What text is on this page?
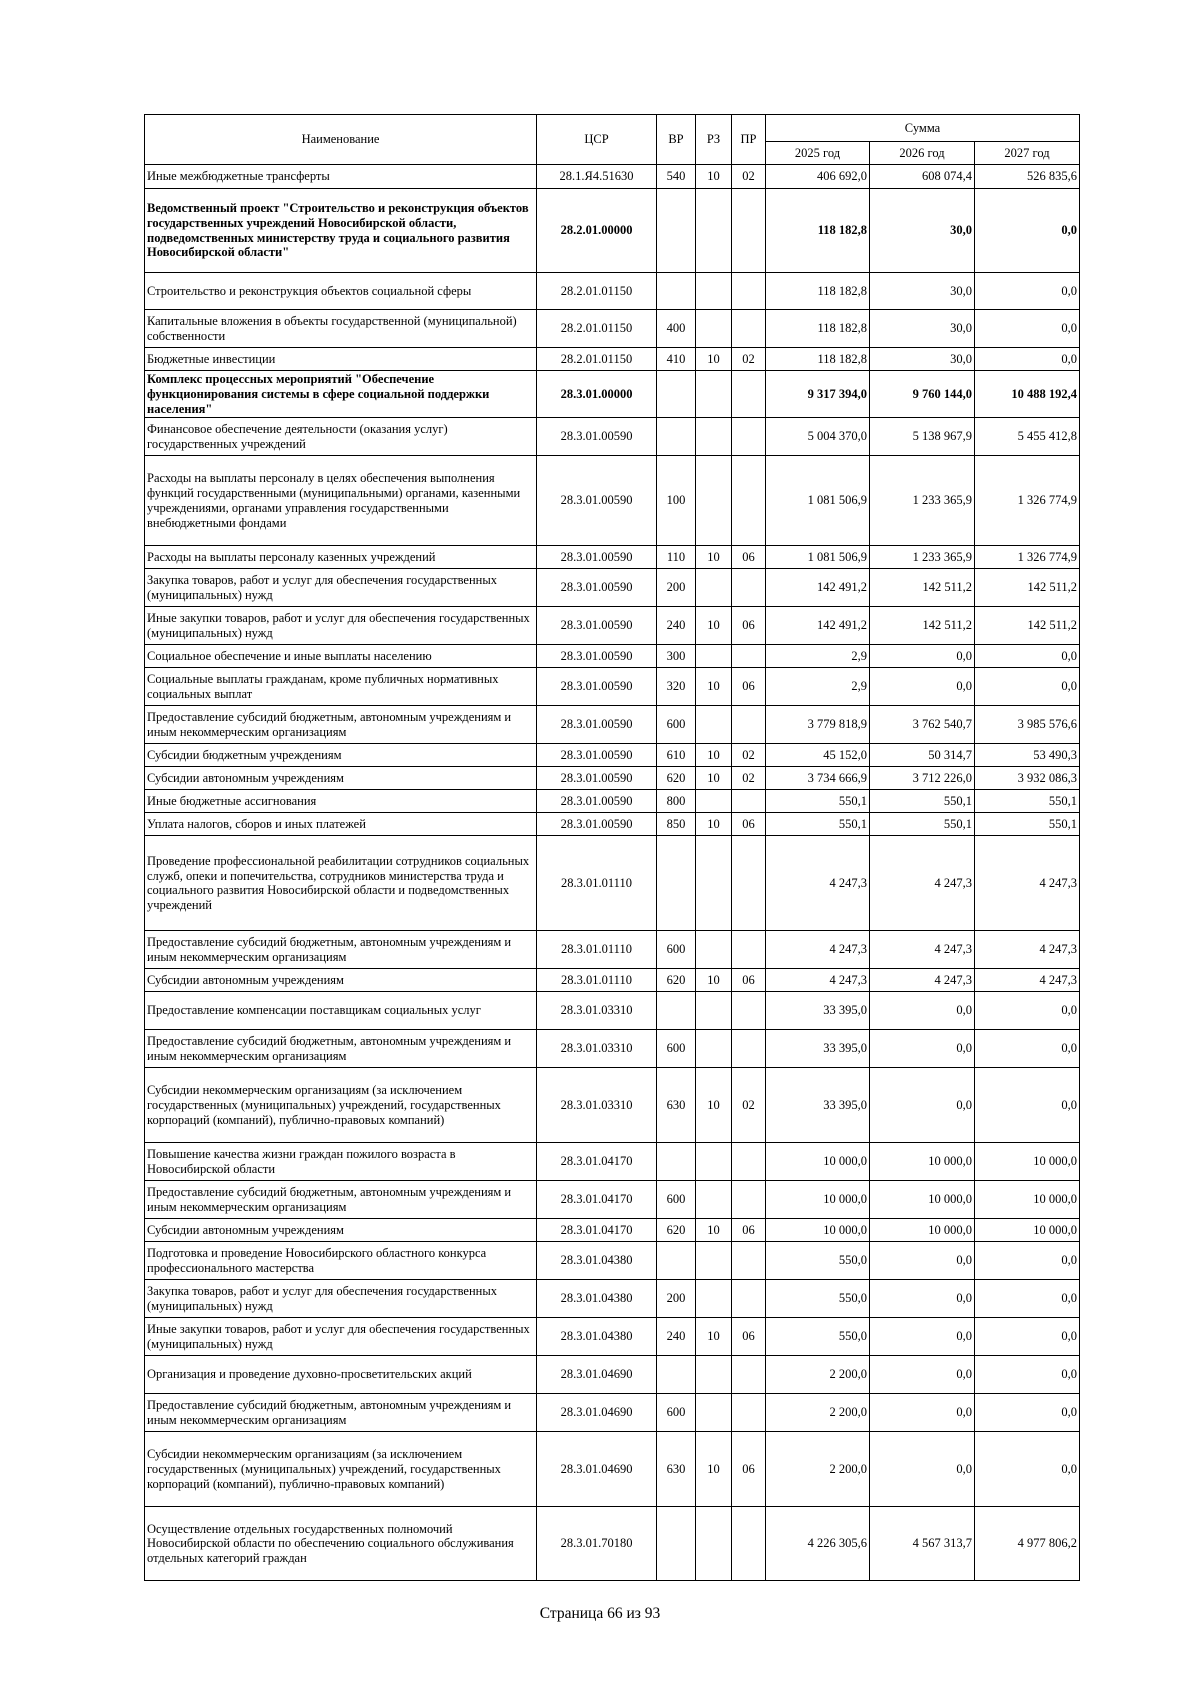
Наименование	ЦСР	ВР	РЗ	ПР	Сумма		
					2025 год	2026 год	2027 год
Иные межбюджетные трансферты	28.1.Я4.51630	540	10	02	406 692,0	608 074,4	526 835,6
Ведомственный проект "Строительство и реконструкция объектов государственных учреждений Новосибирской области, подведомственных министерству труда и социального развития Новосибирской области"	28.2.01.00000				118 182,8	30,0	0,0
Строительство и реконструкция объектов социальной сферы	28.2.01.01150				118 182,8	30,0	0,0
Капитальные вложения в объекты государственной (муниципальной) собственности	28.2.01.01150	400			118 182,8	30,0	0,0
Бюджетные инвестиции	28.2.01.01150	410	10	02	118 182,8	30,0	0,0
Комплекс процессных мероприятий "Обеспечение функционирования системы в сфере социальной поддержки населения"	28.3.01.00000				9 317 394,0	9 760 144,0	10 488 192,4
Финансовое обеспечение деятельности (оказания услуг) государственных учреждений	28.3.01.00590				5 004 370,0	5 138 967,9	5 455 412,8
Расходы на выплаты персоналу в целях обеспечения выполнения функций государственными (муниципальными) органами, казенными учреждениями, органами управления государственными внебюджетными фондами	28.3.01.00590	100			1 081 506,9	1 233 365,9	1 326 774,9
Расходы на выплаты персоналу казенных учреждений	28.3.01.00590	110	10	06	1 081 506,9	1 233 365,9	1 326 774,9
Закупка товаров, работ и услуг для обеспечения государственных (муниципальных) нужд	28.3.01.00590	200			142 491,2	142 511,2	142 511,2
Иные закупки товаров, работ и услуг для обеспечения государственных (муниципальных) нужд	28.3.01.00590	240	10	06	142 491,2	142 511,2	142 511,2
Социальное обеспечение и иные выплаты населению	28.3.01.00590	300			2,9	0,0	0,0
Социальные выплаты гражданам, кроме публичных нормативных социальных выплат	28.3.01.00590	320	10	06	2,9	0,0	0,0
Предоставление субсидий бюджетным, автономным учреждениям и иным некоммерческим организациям	28.3.01.00590	600			3 779 818,9	3 762 540,7	3 985 576,6
Субсидии бюджетным учреждениям	28.3.01.00590	610	10	02	45 152,0	50 314,7	53 490,3
Субсидии автономным учреждениям	28.3.01.00590	620	10	02	3 734 666,9	3 712 226,0	3 932 086,3
Иные бюджетные ассигнования	28.3.01.00590	800			550,1	550,1	550,1
Уплата налогов, сборов и иных платежей	28.3.01.00590	850	10	06	550,1	550,1	550,1
Проведение профессиональной реабилитации сотрудников социальных служб, опеки и попечительства, сотрудников министерства труда и социального развития Новосибирской области и подведомственных учреждений	28.3.01.01110				4 247,3	4 247,3	4 247,3
Предоставление субсидий бюджетным, автономным учреждениям и иным некоммерческим организациям	28.3.01.01110	600			4 247,3	4 247,3	4 247,3
Субсидии автономным учреждениям	28.3.01.01110	620	10	06	4 247,3	4 247,3	4 247,3
Предоставление компенсации поставщикам социальных услуг	28.3.01.03310				33 395,0	0,0	0,0
Предоставление субсидий бюджетным, автономным учреждениям и иным некоммерческим организациям	28.3.01.03310	600			33 395,0	0,0	0,0
Субсидии некоммерческим организациям (за исключением государственных (муниципальных) учреждений, государственных корпораций (компаний), публично-правовых компаний)	28.3.01.03310	630	10	02	33 395,0	0,0	0,0
Повышение качества жизни граждан пожилого возраста в Новосибирской области	28.3.01.04170				10 000,0	10 000,0	10 000,0
Предоставление субсидий бюджетным, автономным учреждениям и иным некоммерческим организациям	28.3.01.04170	600			10 000,0	10 000,0	10 000,0
Субсидии автономным учреждениям	28.3.01.04170	620	10	06	10 000,0	10 000,0	10 000,0
Подготовка и проведение Новосибирского областного конкурса профессионального мастерства	28.3.01.04380				550,0	0,0	0,0
Закупка товаров, работ и услуг для обеспечения государственных (муниципальных) нужд	28.3.01.04380	200			550,0	0,0	0,0
Иные закупки товаров, работ и услуг для обеспечения государственных (муниципальных) нужд	28.3.01.04380	240	10	06	550,0	0,0	0,0
Организация и проведение духовно-просветительских акций	28.3.01.04690				2 200,0	0,0	0,0
Предоставление субсидий бюджетным, автономным учреждениям и иным некоммерческим организациям	28.3.01.04690	600			2 200,0	0,0	0,0
Субсидии некоммерческим организациям (за исключением государственных (муниципальных) учреждений, государственных корпораций (компаний), публично-правовых компаний)	28.3.01.04690	630	10	06	2 200,0	0,0	0,0
Осуществление отдельных государственных полномочий Новосибирской области по обеспечению социального обслуживания отдельных категорий граждан	28.3.01.70180				4 226 305,6	4 567 313,7	4 977 806,2
Страница 66 из 93
